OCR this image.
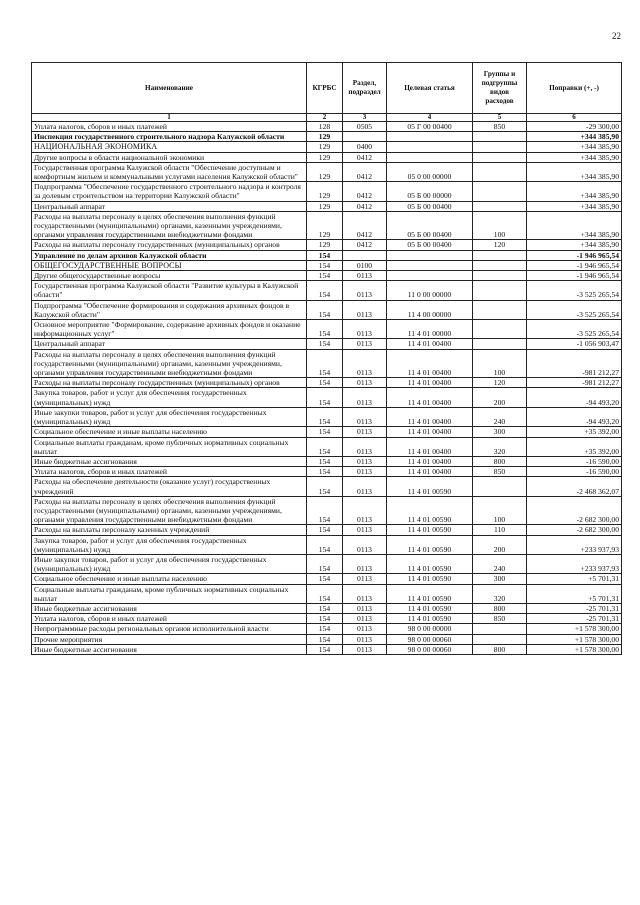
22
Наименование	КГРБС	Раздел, подраздел	Целевая статья	Группы и подгруппы видов расходов	Поправки (+, -)
1	2	3	4	5	6
Уплата налогов, сборов и иных платежей	128	0505	05 Г 00 00400	850	-29 300,00
Инспекция государственного строительного надзора Калужской области	129				+344 385,90
НАЦИОНАЛЬНАЯ ЭКОНОМИКА	129	0400			+344 385,90
Другие вопросы в области национальной экономики	129	0412			+344 385,90
Государственная программа Калужской области "Обеспечение доступным и комфортным жильем и коммунальными услугами населения Калужской области"	129	0412	05 0 00 00000		+344 385,90
Подпрограмма "Обеспечение государственного строительного надзора и контроля за долевым строительством на территории Калужской области"	129	0412	05 Б 00 00000		+344 385,90
Центральный аппарат	129	0412	05 Б 00 00400		+344 385,90
Расходы на выплаты персоналу в целях обеспечения выполнения функций государственными (муниципальными) органами, казенными учреждениями, органами управления государственными внебюджетными фондами	129	0412	05 Б 00 00400	100	+344 385,90
Расходы на выплаты персоналу государственных (муниципальных) органов	129	0412	05 Б 00 00400	120	+344 385,90
Управление по делам архивов Калужской области	154				-1 946 965,54
ОБЩЕГОСУДАРСТВЕННЫЕ ВОПРОСЫ	154	0100			-1 946 965,54
Другие общегосударственные вопросы	154	0113			-1 946 965,54
Государственная программа Калужской области "Развитие культуры в Калужской области"	154	0113	11 0 00 00000		-3 525 265,54
Подпрограмма "Обеспечение формирования и содержания архивных фондов в Калужской области"	154	0113	11 4 00 00000		-3 525 265,54
Основное мероприятие "Формирование, содержание архивных фондов и оказание информационных услуг"	154	0113	11 4 01 00000		-3 525 265,54
Центральный аппарат	154	0113	11 4 01 00400		-1 056 903,47
Расходы на выплаты персоналу в целях обеспечения выполнения функций государственными (муниципальными) органами, казенными учреждениями, органами управления государственными внебюджетными фондами	154	0113	11 4 01 00400	100	-981 212,27
Расходы на выплаты персоналу государственных (муниципальных) органов	154	0113	11 4 01 00400	120	-981 212,27
Закупка товаров, работ и услуг для обеспечения государственных (муниципальных) нужд	154	0113	11 4 01 00400	200	-94 493,20
Иные закупки товаров, работ и услуг для обеспечения государственных (муниципальных) нужд	154	0113	11 4 01 00400	240	-94 493,20
Социальное обеспечение и иные выплаты населению	154	0113	11 4 01 00400	300	+35 392,00
Социальные выплаты гражданам, кроме публичных нормативных социальных выплат	154	0113	11 4 01 00400	320	+35 392,00
Иные бюджетные ассигнования	154	0113	11 4 01 00400	800	-16 590,00
Уплата налогов, сборов и иных платежей	154	0113	11 4 01 00400	850	-16 590,00
Расходы на обеспечение деятельности (оказание услуг) государственных учреждений	154	0113	11 4 01 00590		-2 468 362,07
Расходы на выплаты персоналу в целях обеспечения выполнения функций государственными (муниципальными) органами, казенными учреждениями, органами управления государственными внебюджетными фондами	154	0113	11 4 01 00590	100	-2 682 300,00
Расходы на выплаты персоналу казенных учреждений	154	0113	11 4 01 00590	110	-2 682 300,00
Закупка товаров, работ и услуг для обеспечения государственных (муниципальных) нужд	154	0113	11 4 01 00590	200	+233 937,93
Иные закупки товаров, работ и услуг для обеспечения государственных (муниципальных) нужд	154	0113	11 4 01 00590	240	+233 937,93
Социальное обеспечение и иные выплаты населению	154	0113	11 4 01 00590	300	+5 701,31
Социальные выплаты гражданам, кроме публичных нормативных социальных выплат	154	0113	11 4 01 00590	320	+5 701,31
Иные бюджетные ассигнования	154	0113	11 4 01 00590	800	-25 701,31
Уплата налогов, сборов и иных платежей	154	0113	11 4 01 00590	850	-25 701,31
Непрограммные расходы региональных органов исполнительной власти	154	0113	98 0 00 00000		+1 578 300,00
Прочие мероприятия	154	0113	98 0 00 00060		+1 578 300,00
Иные бюджетные ассигнования	154	0113	98 0 00 00060	800	+1 578 300,00
